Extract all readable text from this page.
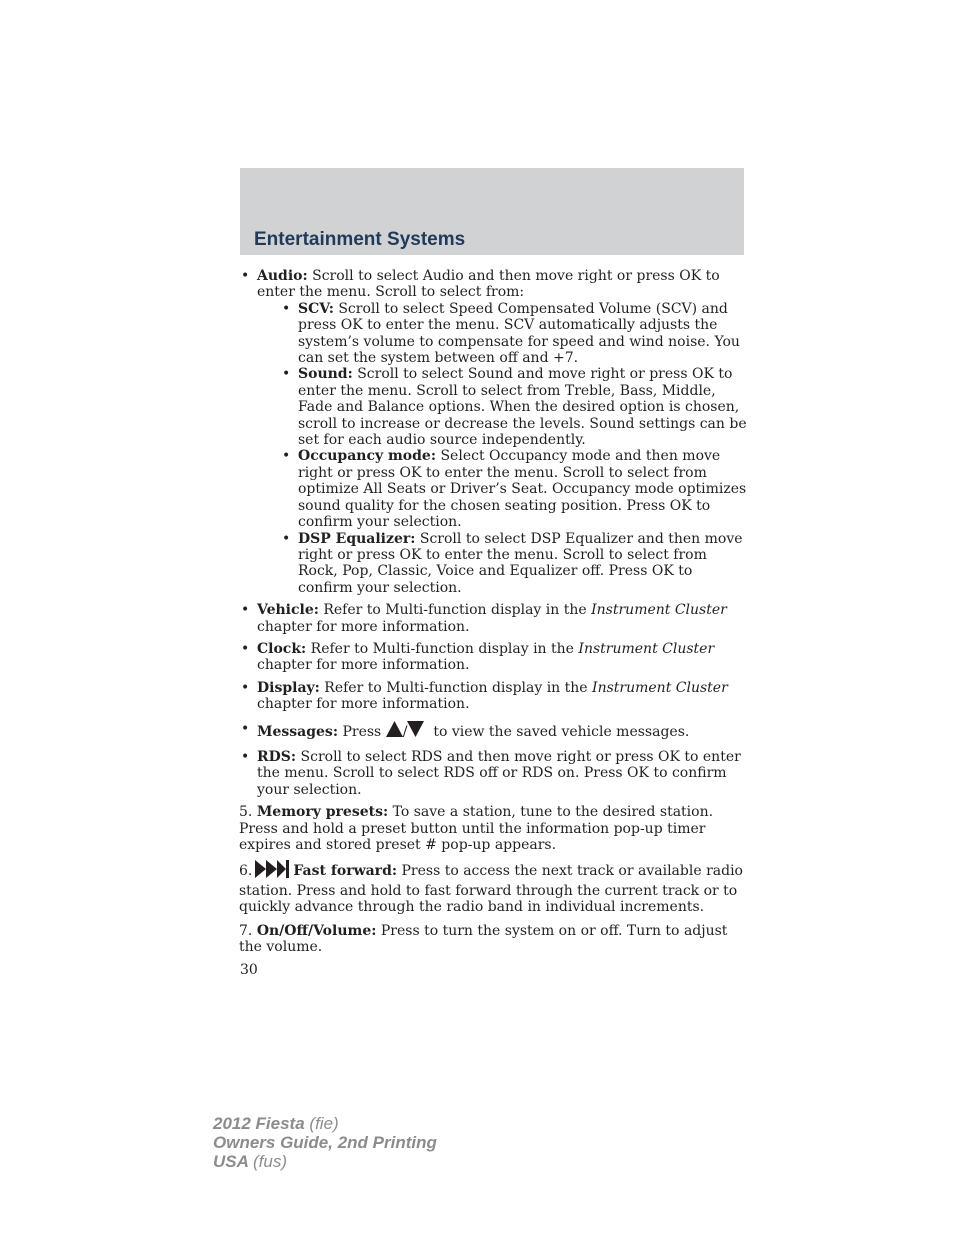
Entertainment Systems
• Audio: Scroll to select Audio and then move right or press OK to enter the menu. Scroll to select from:
• SCV: Scroll to select Speed Compensated Volume (SCV) and press OK to enter the menu. SCV automatically adjusts the system’s volume to compensate for speed and wind noise. You can set the system between off and +7.
• Sound: Scroll to select Sound and move right or press OK to enter the menu. Scroll to select from Treble, Bass, Middle, Fade and Balance options. When the desired option is chosen, scroll to increase or decrease the levels. Sound settings can be set for each audio source independently.
• Occupancy mode: Select Occupancy mode and then move right or press OK to enter the menu. Scroll to select from optimize All Seats or Driver’s Seat. Occupancy mode optimizes sound quality for the chosen seating position. Press OK to confirm your selection.
• DSP Equalizer: Scroll to select DSP Equalizer and then move right or press OK to enter the menu. Scroll to select from Rock, Pop, Classic, Voice and Equalizer off. Press OK to confirm your selection.
• Vehicle: Refer to Multi-function display in the Instrument Cluster chapter for more information.
• Clock: Refer to Multi-function display in the Instrument Cluster chapter for more information.
• Display: Refer to Multi-function display in the Instrument Cluster chapter for more information.
• Messages: Press / to view the saved vehicle messages.
• RDS: Scroll to select RDS and then move right or press OK to enter the menu. Scroll to select RDS off or RDS on. Press OK to confirm your selection.
5. Memory presets: To save a station, tune to the desired station. Press and hold a preset button until the information pop-up timer expires and stored preset # pop-up appears.
6.	Fast forward: Press to access the next track or available radio station. Press and hold to fast forward through the current track or to quickly advance through the radio band in individual increments.
7. On/Off/Volume: Press to turn the system on or off. Turn to adjust the volume.
30
2012 Fiesta (fie)
Owners Guide, 2nd Printing
USA (fus)
